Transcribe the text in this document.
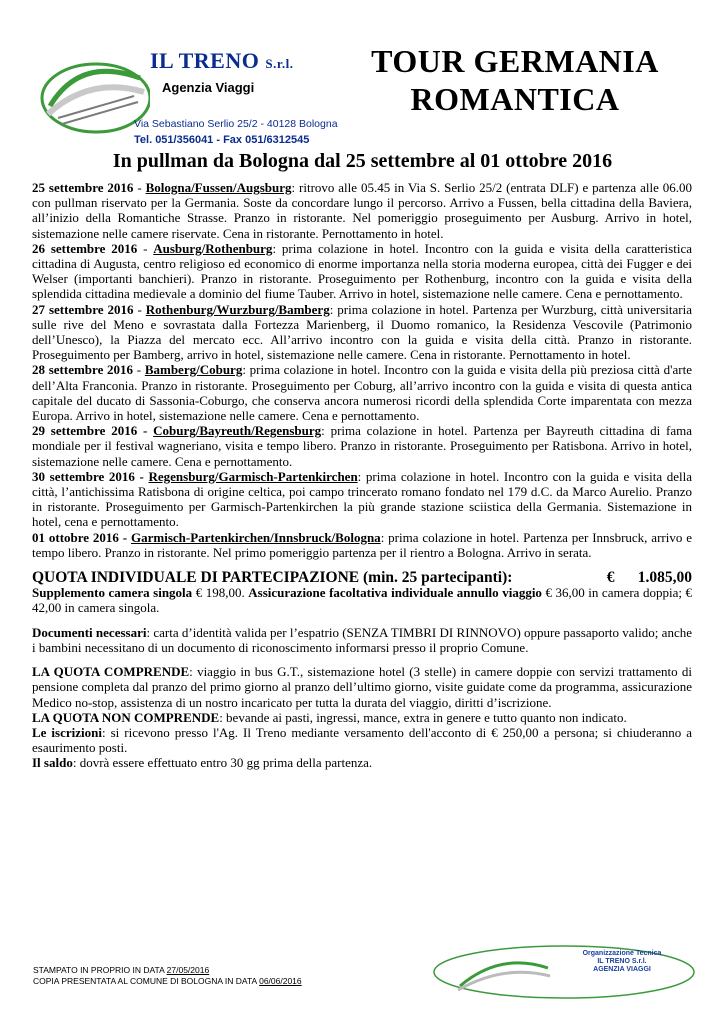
IL TRENO S.r.l.
Agenzia Viaggi
Via Sebastiano Serlio 25/2 - 40128 Bologna
Tel. 051/356041 - Fax 051/6312545
TOUR GERMANIA
ROMANTICA
In pullman da Bologna dal 25 settembre al 01 ottobre 2016

25 settembre 2016 - Bologna/Fussen/Augsburg: ritrovo alle 05.45 in Via S. Serlio 25/2 (entrata DLF) e partenza alle 06.00 con pullman riservato per la Germania. Soste da concordare lungo il percorso. Arrivo a Fussen, bella cittadina della Baviera, all’inizio della Romantiche Strasse. Pranzo in ristorante. Nel pomeriggio proseguimento per Ausburg. Arrivo in hotel, sistemazione nelle camere riservate. Cena in ristorante. Pernottamento in hotel.

26 settembre 2016 - Ausburg/Rothenburg: prima colazione in hotel. Incontro con la guida e visita della caratteristica cittadina di Augusta, centro religioso ed economico di enorme importanza nella storia moderna europea, città dei Fugger e dei Welser (importanti banchieri). Pranzo in ristorante. Proseguimento per Rothenburg, incontro con la guida e visita della splendida cittadina medievale a dominio del fiume Tauber. Arrivo in hotel, sistemazione nelle camere. Cena e pernottamento.

27 settembre 2016 - Rothenburg/Wurzburg/Bamberg: prima colazione in hotel. Partenza per Wurzburg, città universitaria sulle rive del Meno e sovrastata dalla Fortezza Marienberg, il Duomo romanico, la Residenza Vescovile (Patrimonio dell’Unesco), la Piazza del mercato ecc. All’arrivo incontro con la guida e visita della città. Pranzo in ristorante. Proseguimento per Bamberg, arrivo in hotel, sistemazione nelle camere. Cena in ristorante. Pernottamento in hotel.

28 settembre 2016 - Bamberg/Coburg: prima colazione in hotel. Incontro con la guida e visita della più preziosa città d'arte dell’Alta Franconia. Pranzo in ristorante. Proseguimento per Coburg, all’arrivo incontro con la guida e visita di questa antica capitale del ducato di Sassonia-Coburgo, che conserva ancora numerosi ricordi della splendida Corte imparentata con mezza Europa. Arrivo in hotel, sistemazione nelle camere. Cena e pernottamento.

29 settembre 2016 - Coburg/Bayreuth/Regensburg: prima colazione in hotel. Partenza per Bayreuth cittadina di fama mondiale per il festival wagneriano, visita e tempo libero. Pranzo in ristorante. Proseguimento per Ratisbona. Arrivo in hotel, sistemazione nelle camere. Cena e pernottamento.

30 settembre 2016 - Regensburg/Garmisch-Partenkirchen: prima colazione in hotel. Incontro con la guida e visita della città, l’antichissima Ratisbona di origine celtica, poi campo trincerato romano fondato nel 179 d.C. da Marco Aurelio. Pranzo in ristorante. Proseguimento per Garmisch-Partenkirchen la più grande stazione sciistica della Germania. Sistemazione in hotel, cena e pernottamento.

01 ottobre 2016 - Garmisch-Partenkirchen/Innsbruck/Bologna: prima colazione in hotel. Partenza per Innsbruck, arrivo e tempo libero. Pranzo in ristorante. Nel primo pomeriggio partenza per il rientro a Bologna. Arrivo in serata.

QUOTA INDIVIDUALE DI PARTECIPAZIONE (min. 25 partecipanti):	€ 1.085,00

Supplemento camera singola € 198,00. Assicurazione facoltativa individuale annullo viaggio € 36,00 in camera doppia; € 42,00 in camera singola.

Documenti necessari: carta d’identità valida per l’espatrio (SENZA TIMBRI DI RINNOVO) oppure passaporto valido; anche i bambini necessitano di un documento di riconoscimento informarsi presso il proprio Comune.

LA QUOTA COMPRENDE: viaggio in bus G.T., sistemazione hotel (3 stelle) in camere doppie con servizi trattamento di pensione completa dal pranzo del primo giorno al pranzo dell’ultimo giorno, visite guidate come da programma, assicurazione Medico no-stop, assistenza di un nostro incaricato per tutta la durata del viaggio, diritti d’iscrizione.

LA QUOTA NON COMPRENDE: bevande ai pasti, ingressi, mance, extra in genere e tutto quanto non indicato.

Le iscrizioni: si ricevono presso l'Ag. Il Treno mediante versamento dell'acconto di € 250,00 a persona; si chiuderanno a esaurimento posti.

Il saldo: dovrà essere effettuato entro 30 gg prima della partenza.

STAMPATO IN PROPRIO IN DATA 27/05/2016
COPIA PRESENTATA AL COMUNE DI BOLOGNA IN DATA 06/06/2016
Organizzazione Tecnica
IL TRENO S.r.l.
AGENZIA VIAGGI
